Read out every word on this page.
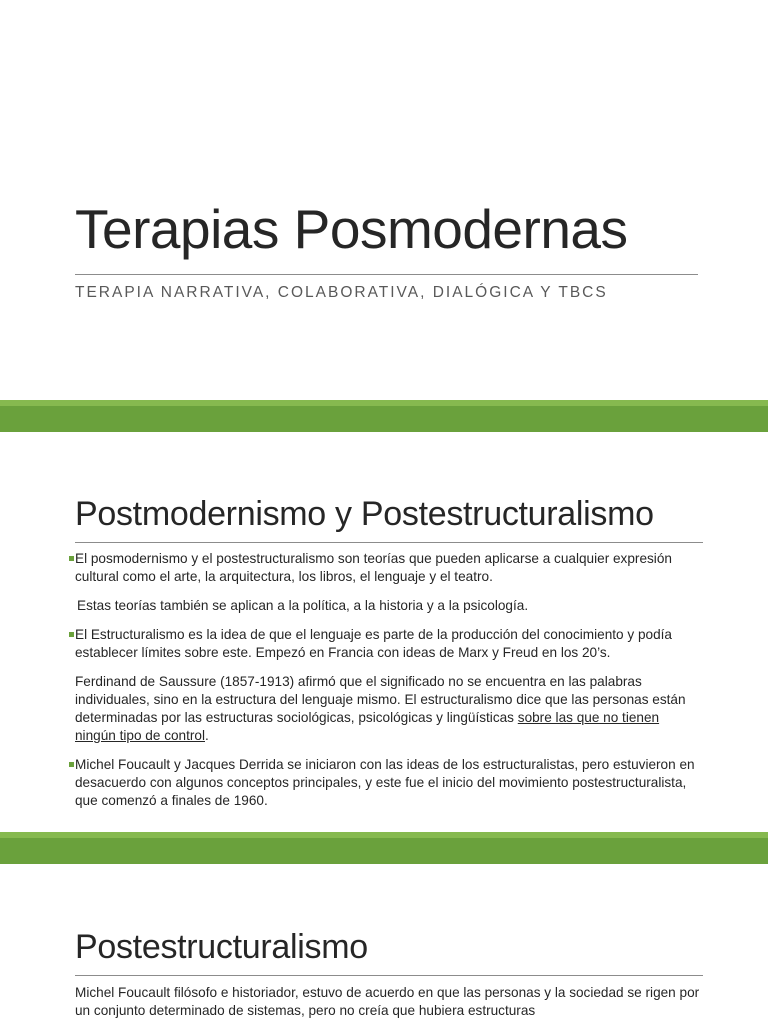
Terapias Posmodernas

TERAPIA NARRATIVA, COLABORATIVA, DIALÓGICA Y TBCS

Postmodernismo y Postestructuralismo

El posmodernismo y el postestructuralismo son teorías que pueden aplicarse a cualquier expresión cultural como el arte, la arquitectura, los libros, el lenguaje y el teatro.

Estas teorías también se aplican a la política, a la historia y a la psicología.

El Estructuralismo es la idea de que el lenguaje es parte de la producción del conocimiento y podía establecer límites sobre este. Empezó en Francia con ideas de Marx y Freud en los 20’s.

Ferdinand de Saussure (1857-1913) afirmó que el significado no se encuentra en las palabras individuales, sino en la estructura del lenguaje mismo. El estructuralismo dice que las personas están determinadas por las estructuras sociológicas, psicológicas y lingüísticas sobre las que no tienen ningún tipo de control.

Michel Foucault y Jacques Derrida se iniciaron con las ideas de los estructuralistas, pero estuvieron en desacuerdo con algunos conceptos principales, y este fue el inicio del movimiento postestructuralista, que comenzó a finales de 1960.

Postestructuralismo

Michel Foucault filósofo e historiador, estuvo de acuerdo en que las personas y la sociedad se rigen por un conjunto determinado de sistemas, pero no creía que hubiera estructuras
